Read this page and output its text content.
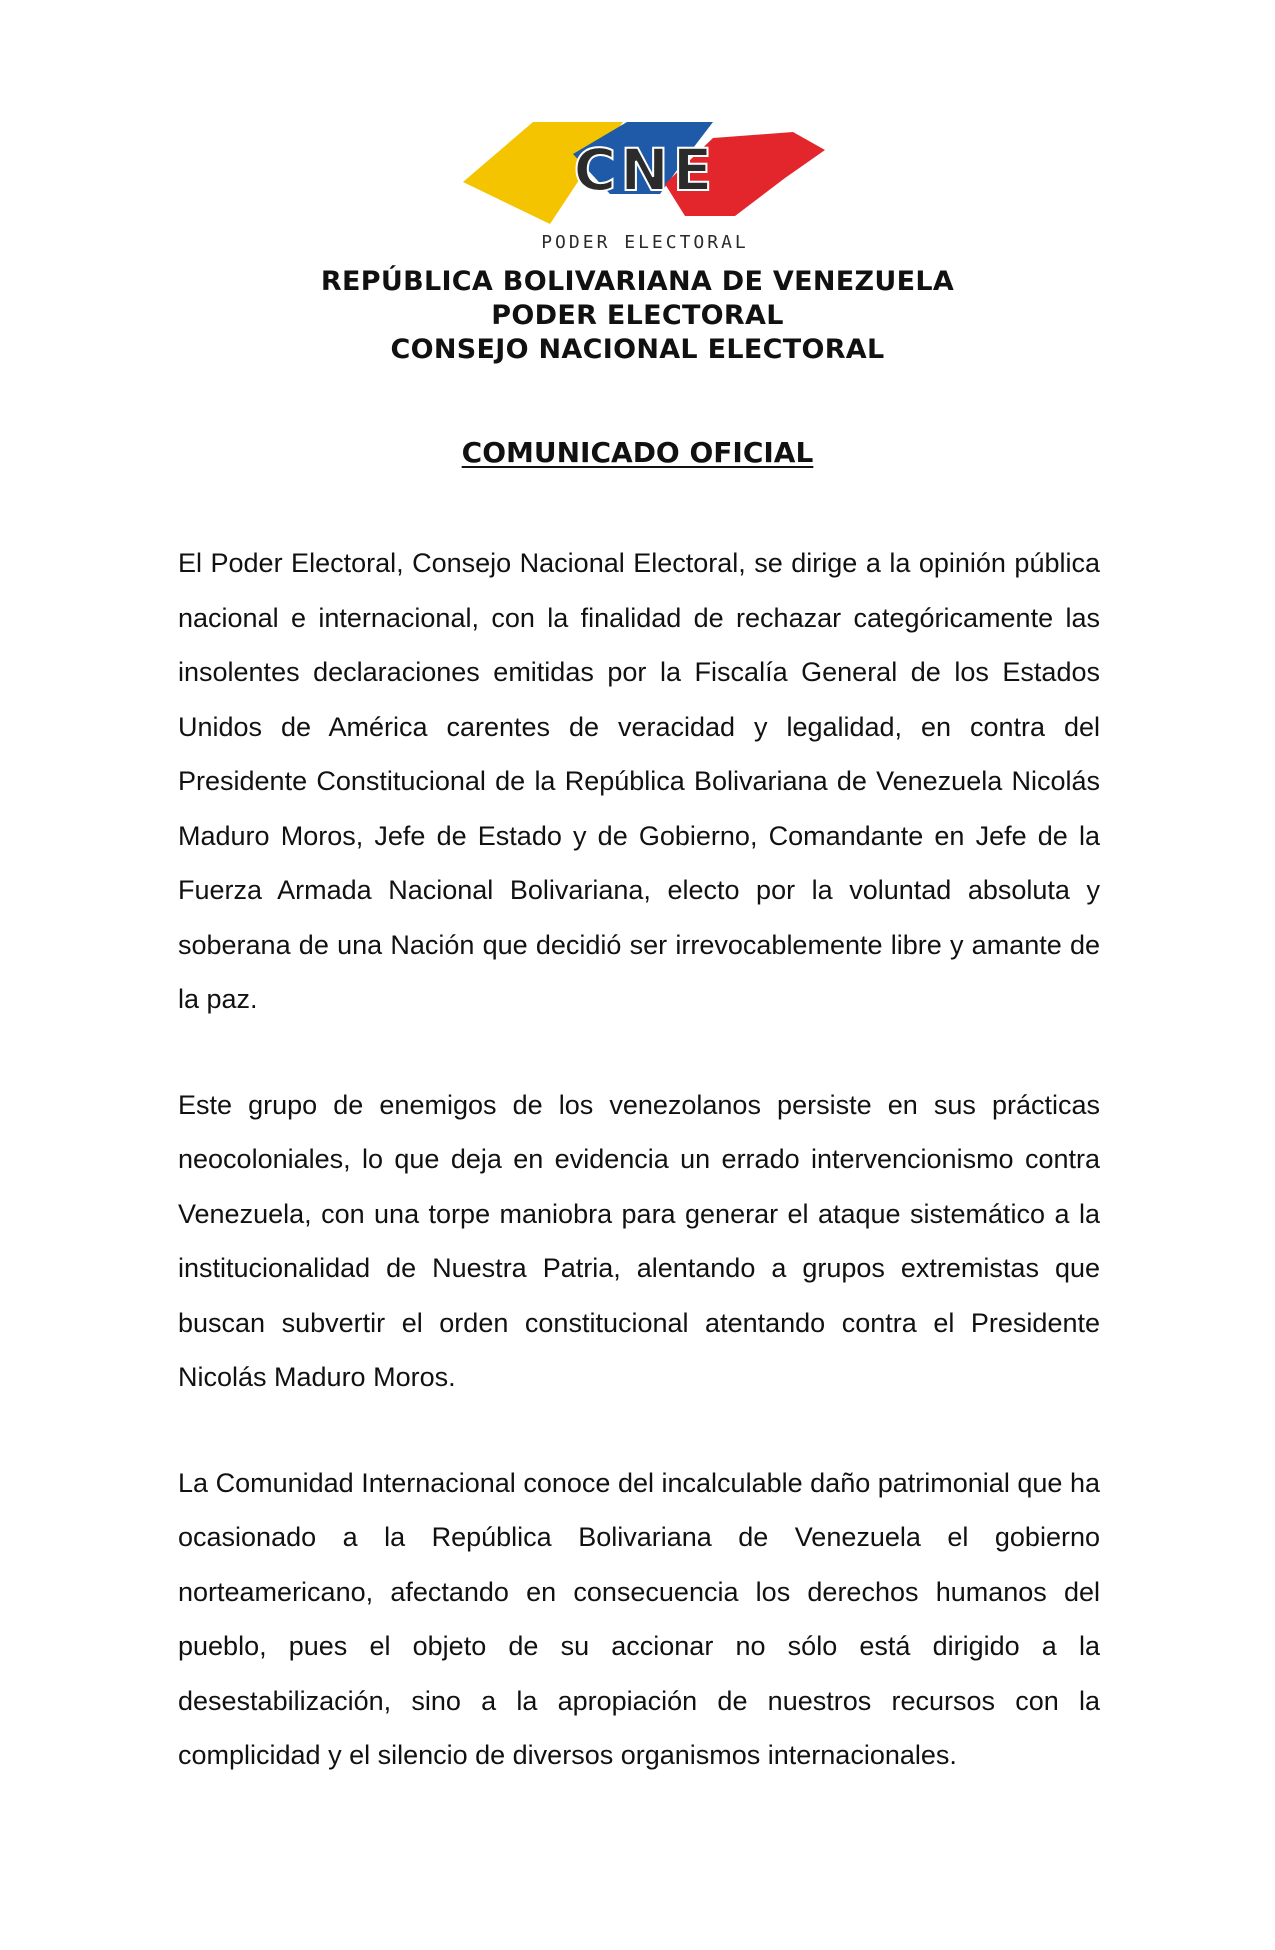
CNE
PODER ELECTORAL
REPÚBLICA BOLIVARIANA DE VENEZUELA
PODER ELECTORAL
CONSEJO NACIONAL ELECTORAL
COMUNICADO OFICIAL

El Poder Electoral, Consejo Nacional Electoral, se dirige a la opinión pública nacional e internacional, con la finalidad de rechazar categóricamente las insolentes declaraciones emitidas por la Fiscalía General de los Estados Unidos de América carentes de veracidad y legalidad, en contra del Presidente Constitucional de la República Bolivariana de Venezuela Nicolás Maduro Moros, Jefe de Estado y de Gobierno, Comandante en Jefe de la Fuerza Armada Nacional Bolivariana, electo por la voluntad absoluta y soberana de una Nación que decidió ser irrevocablemente libre y amante de la paz.

Este grupo de enemigos de los venezolanos persiste en sus prácticas neocoloniales, lo que deja en evidencia un errado intervencionismo contra Venezuela, con una torpe maniobra para generar el ataque sistemático a la institucionalidad de Nuestra Patria, alentando a grupos extremistas que buscan subvertir el orden constitucional atentando contra el Presidente Nicolás Maduro Moros.

La Comunidad Internacional conoce del incalculable daño patrimonial que ha ocasionado a la República Bolivariana de Venezuela el gobierno norteamericano, afectando en consecuencia los derechos humanos del pueblo, pues el objeto de su accionar no sólo está dirigido a la desestabilización, sino a la apropiación de nuestros recursos con la complicidad y el silencio de diversos organismos internacionales.
